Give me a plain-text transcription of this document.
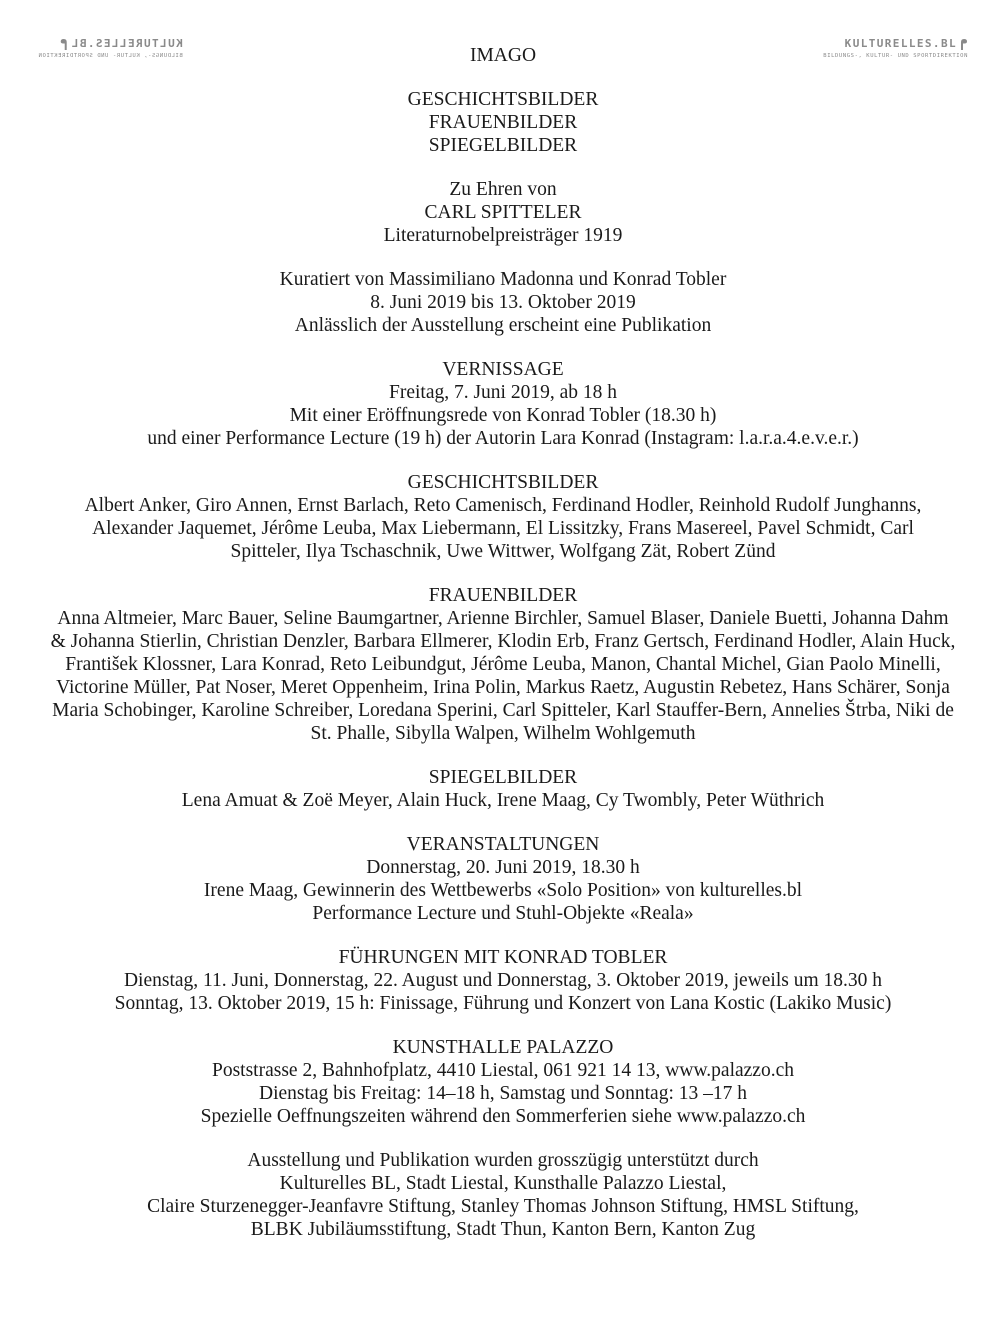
KULTURELLES.BL
BILDUNGS-, KULTUR- UND SPORTDIREKTION
KULTURELLES.BL
BILDUNGS-, KULTUR- UND SPORTDIREKTION
IMAGO
GESCHICHTSBILDER
FRAUENBILDER
SPIEGELBILDER
Zu Ehren von
CARL SPITTELER
Literaturnobelpreisträger 1919
Kuratiert von Massimiliano Madonna und Konrad Tobler
8. Juni 2019 bis 13. Oktober 2019
Anlässlich der Ausstellung erscheint eine Publikation
VERNISSAGE
Freitag, 7. Juni 2019, ab 18 h
Mit einer Eröffnungsrede von Konrad Tobler (18.30 h)
und einer Performance Lecture (19 h) der Autorin Lara Konrad (Instagram: l.a.r.a.4.e.v.e.r.)
GESCHICHTSBILDER
Albert Anker, Giro Annen, Ernst Barlach, Reto Camenisch, Ferdinand Hodler, Reinhold Rudolf Junghanns, Alexander Jaquemet, Jérôme Leuba, Max Liebermann, El Lissitzky, Frans Masereel, Pavel Schmidt, Carl Spitteler, Ilya Tschaschnik, Uwe Wittwer, Wolfgang Zät, Robert Zünd
FRAUENBILDER
Anna Altmeier, Marc Bauer, Seline Baumgartner, Arienne Birchler, Samuel Blaser, Daniele Buetti, Johanna Dahm & Johanna Stierlin, Christian Denzler, Barbara Ellmerer, Klodin Erb, Franz Gertsch, Ferdinand Hodler, Alain Huck, František Klossner, Lara Konrad, Reto Leibundgut, Jérôme Leuba, Manon, Chantal Michel, Gian Paolo Minelli, Victorine Müller, Pat Noser, Meret Oppenheim, Irina Polin, Markus Raetz, Augustin Rebetez, Hans Schärer, Sonja Maria Schobinger, Karoline Schreiber, Loredana Sperini, Carl Spitteler, Karl Stauffer-Bern, Annelies Štrba, Niki de St. Phalle, Sibylla Walpen, Wilhelm Wohlgemuth
SPIEGELBILDER
Lena Amuat & Zoë Meyer, Alain Huck, Irene Maag, Cy Twombly, Peter Wüthrich
VERANSTALTUNGEN
Donnerstag, 20. Juni 2019, 18.30 h
Irene Maag, Gewinnerin des Wettbewerbs «Solo Position» von kulturelles.bl
Performance Lecture und Stuhl-Objekte «Reala»
FÜHRUNGEN MIT KONRAD TOBLER
Dienstag, 11. Juni, Donnerstag, 22. August und Donnerstag, 3. Oktober 2019, jeweils um 18.30 h
Sonntag, 13. Oktober 2019, 15 h: Finissage, Führung und Konzert von Lana Kostic (Lakiko Music)
KUNSTHALLE PALAZZO
Poststrasse 2, Bahnhofplatz, 4410 Liestal, 061 921 14 13, www.palazzo.ch
Dienstag bis Freitag: 14–18 h, Samstag und Sonntag: 13 –17 h
Spezielle Oeffnungszeiten während den Sommerferien siehe www.palazzo.ch
Ausstellung und Publikation wurden grosszügig unterstützt durch
Kulturelles BL, Stadt Liestal, Kunsthalle Palazzo Liestal,
Claire Sturzenegger-Jeanfavre Stiftung, Stanley Thomas Johnson Stiftung, HMSL Stiftung,
BLBK Jubiläumsstiftung, Stadt Thun, Kanton Bern, Kanton Zug
